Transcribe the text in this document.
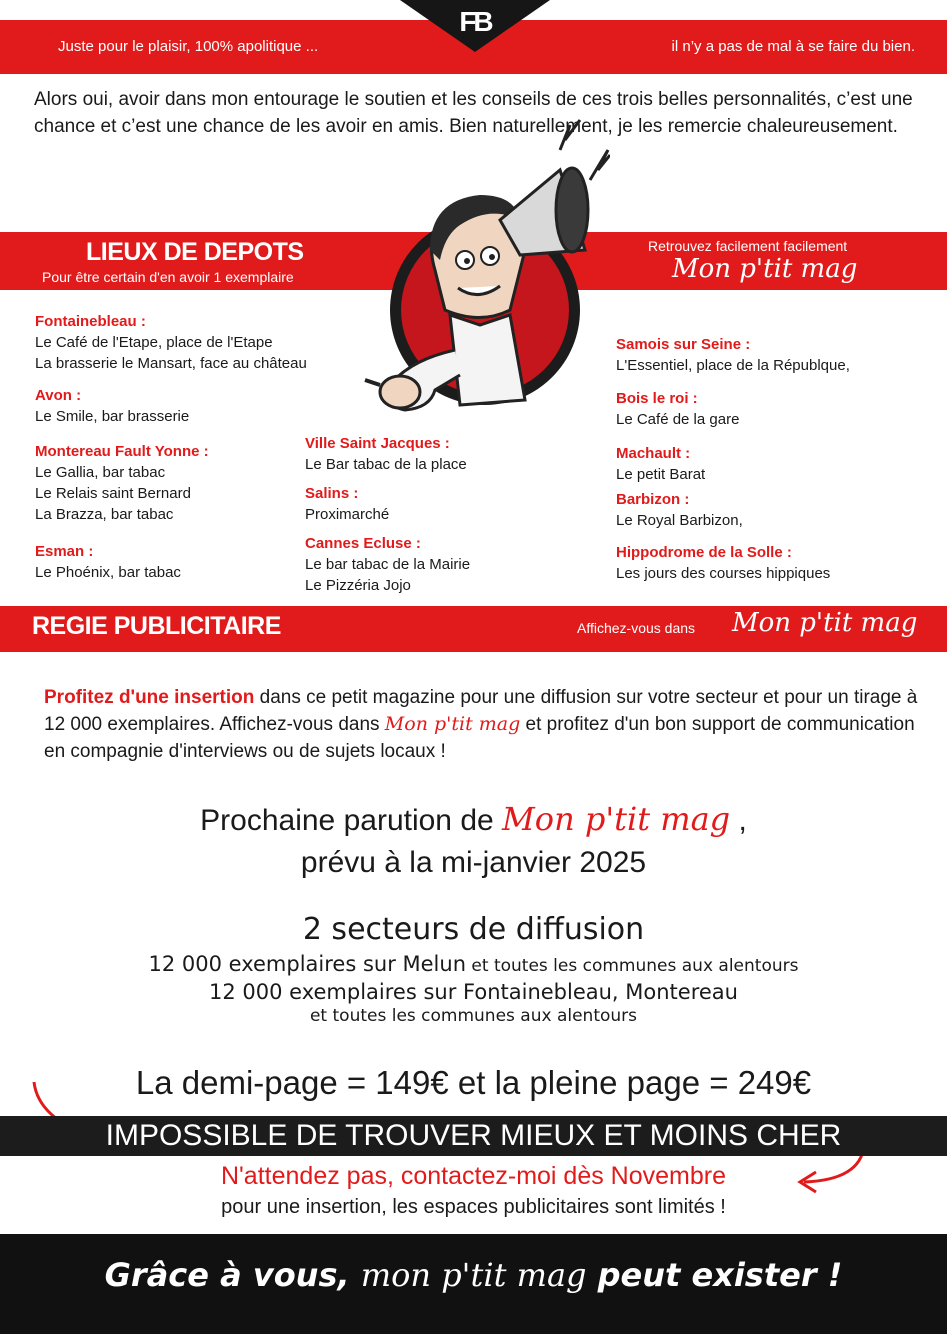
Juste pour le plaisir, 100% apolitique ...	il n’y a pas de mal à se faire du bien.
FB
Alors oui, avoir dans mon entourage le soutien et les conseils de ces trois belles personnalités, c’est une chance et c’est une chance de les avoir en amis. Bien naturellement, je les remercie chaleureusement.
LIEUX DE DEPOTS
Pour être certain d'en avoir 1 exemplaire
Retrouvez facilement facilement
Mon p'tit mag
Fontainebleau :
Le Café de l'Etape, place de l'Etape
La brasserie le Mansart, face au château
Avon :
Le Smile, bar brasserie
Montereau Fault Yonne :
Le Gallia, bar tabac
Le Relais saint Bernard
La Brazza, bar tabac
Esman :
Le Phoénix, bar tabac
Ville Saint Jacques :
Le Bar tabac de la place
Salins :
Proximarché
Cannes Ecluse :
Le bar tabac de la Mairie
Le Pizzéria Jojo
Samois sur Seine :
L'Essentiel, place de la Républque,
Bois le roi :
Le Café de la gare
Machault :
Le petit Barat
Barbizon :
Le Royal Barbizon,
Hippodrome de la Solle :
Les jours des courses hippiques
REGIE PUBLICITAIRE	Affichez-vous dans Mon p'tit mag
Profitez d'une insertion dans ce petit magazine pour une diffusion sur votre secteur et pour un tirage à 12 000 exemplaires. Affichez-vous dans Mon p'tit mag et profitez d'un bon support de communication en compagnie d'interviews ou de sujets locaux !
Prochaine parution de Mon p'tit mag ,
prévu à la mi-janvier 2025
2 secteurs de diffusion
12 000 exemplaires sur Melun et toutes les communes aux alentours
12 000 exemplaires sur Fontainebleau, Montereau
et toutes les communes aux alentours
La demi-page = 149€ et la pleine page = 249€
IMPOSSIBLE DE TROUVER MIEUX ET MOINS CHER
N'attendez pas, contactez-moi dès Novembre
pour une insertion, les espaces publicitaires sont limités !
Grâce à vous, mon p'tit mag peut exister !
